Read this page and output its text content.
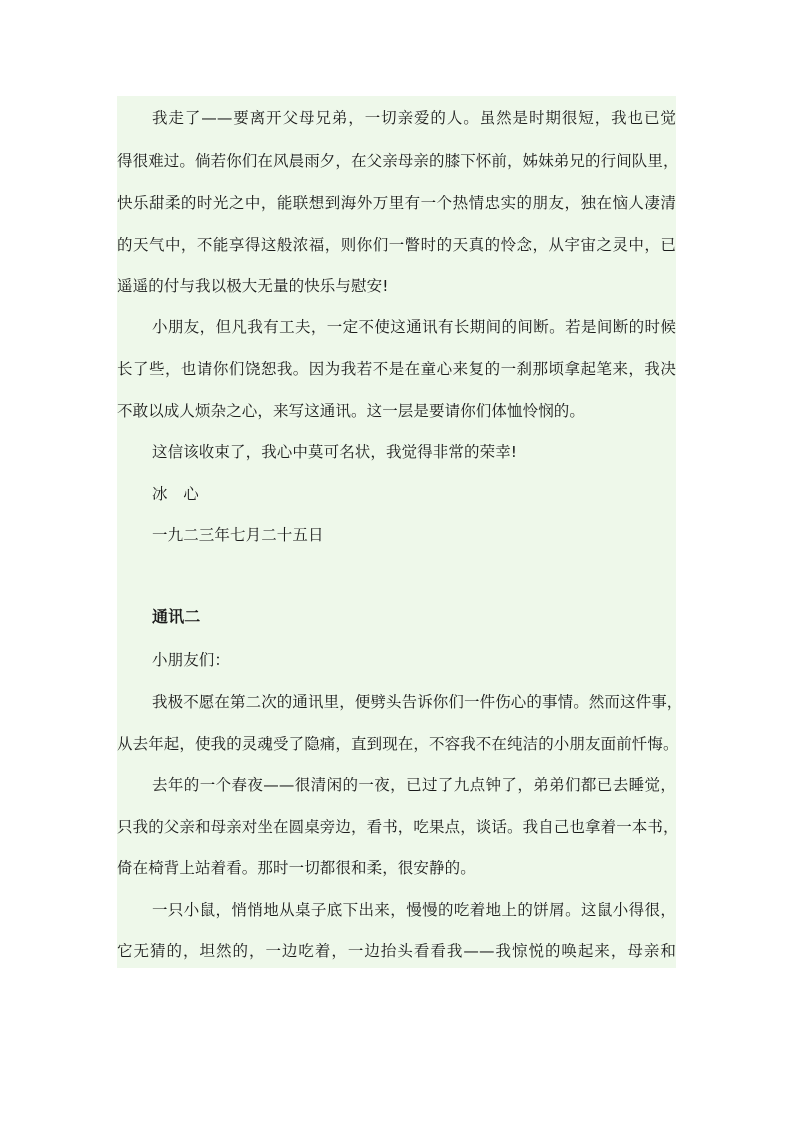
我走了——要离开父母兄弟，一切亲爱的人。虽然是时期很短，我也已觉
得很难过。倘若你们在风晨雨夕，在父亲母亲的膝下怀前，姊妹弟兄的行间队里，
快乐甜柔的时光之中，能联想到海外万里有一个热情忠实的朋友，独在恼人凄清
的天气中，不能享得这般浓福，则你们一瞥时的天真的怜念，从宇宙之灵中，已
遥遥的付与我以极大无量的快乐与慰安!
小朋友，但凡我有工夫，一定不使这通讯有长期间的间断。若是间断的时候
长了些，也请你们饶恕我。因为我若不是在童心来复的一刹那顷拿起笔来，我决
不敢以成人烦杂之心，来写这通讯。这一层是要请你们体恤怜悯的。
这信该收束了，我心中莫可名状，我觉得非常的荣幸!
冰　心
一九二三年七月二十五日
通讯二
小朋友们：
我极不愿在第二次的通讯里，便劈头告诉你们一件伤心的事情。然而这件事，
从去年起，使我的灵魂受了隐痛，直到现在，不容我不在纯洁的小朋友面前忏悔。
去年的一个春夜——很清闲的一夜，已过了九点钟了，弟弟们都已去睡觉，
只我的父亲和母亲对坐在圆桌旁边，看书，吃果点，谈话。我自己也拿着一本书，
倚在椅背上站着看。那时一切都很和柔，很安静的。
一只小鼠，悄悄地从桌子底下出来，慢慢的吃着地上的饼屑。这鼠小得很，
它无猜的，坦然的，一边吃着，一边抬头看看我——我惊悦的唤起来，母亲和
